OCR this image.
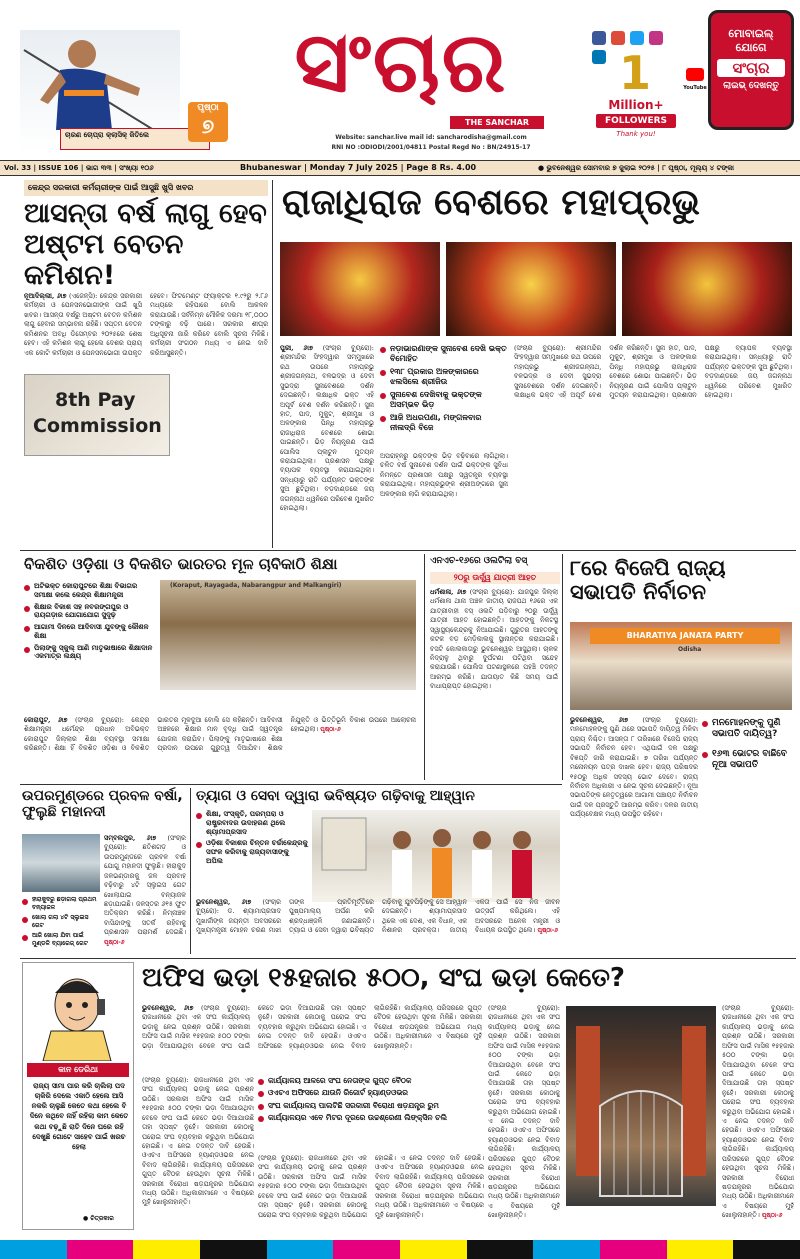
ଚାରଣ ଚୋପ୍ରା କ୍ଲାସିକ୍ ଜିତିଲେ
ପୃଷ୍ଠା
୭
ସଂଚାର
THE SANCHAR
Website: sanchar.live mail id: sanchar​odisha@gmail.com
RNI NO :ODIODI/2001/04811 Postal Regd No : BN/24915-17

1
Million+
FOLLOWERS
Thank you!
YouTube
ମୋବାଇଲ୍
ଯୋଗେ
ସଂଚାର
ଲାଇଭ୍ ଦେଖନ୍ତୁ
Vol. 33 | ISSUE 106 | ଭାଗ ୩୩ | ସଂଖ୍ୟା ୧୦୬	Bhubaneswar | Monday 7 July 2025 | Page 8 Rs. 4.00	● ଭୁବନେଶ୍ୱର ସୋମବାର ୭ ଜୁଲାଇ ୨୦୨୫ | ୮ ପୃଷ୍ଠା, ମୂଲ୍ୟ ୪ ଟଙ୍କା
କେନ୍ଦ୍ର ସରକାରୀ କର୍ମଚାରୀଙ୍କ ପାଇଁ ଆସୁଛି ଖୁସି ଖବର
ଆସନ୍ତା ବର୍ଷ ଲାଗୁ ହେବ ଅଷ୍ଟମ ବେତନ କମିଶନ!
ନୂଆଦିଲ୍ଲୀ, ୬ା୭ (ଏଜେନ୍ସି): କେନ୍ଦ୍ର ସରକାରୀ କର୍ମଚାରୀ ଓ ପେନସନଭୋଗୀଙ୍କ ପାଇଁ ଖୁସି ଖବର। ଆସନ୍ତା ବର୍ଷରୁ ଅଷ୍ଟମ ବେତନ କମିଶନ ଲାଗୁ ହେବାର ସମ୍ଭାବନା ରହିଛି। ସପ୍ତମ ବେତନ କମିଶନର ଅବଧି ଡିସେମ୍ବର ୨୦୨୫ରେ ଶେଷ ହେବ। ଏହି କମିଶନ ଲାଗୁ ହେଲେ ଦେଶର ପ୍ରାୟ ଏକ କୋଟି କର୍ମଚାରୀ ଓ ପେନସନଭୋଗୀ ଉପକୃତ ହେବେ। ଫିଟମେଣ୍ଟ ଫ୍ୟାକ୍ଟର ୧.୯୨ରୁ ୨.୮୬ ମଧ୍ୟରେ ରହିପାରେ ବୋଲି ଆକଳନ କରାଯାଉଛି। ସର୍ବନିମ୍ନ ମୌଳିକ ଦରମା ୧୮,୦୦୦ ଟଙ୍କାରୁ ବଢ଼ି ପାରେ। ସରକାର ଶୀଘ୍ର ଅଧିସୂଚନା ଜାରି କରିବେ ବୋଲି ସୂଚନା ମିଳିଛି। କର୍ମଚାରୀ ସଂଗଠନ ମଧ୍ୟ ଏ ନେଇ ଦାବି କରିଆସୁଛନ୍ତି।
8th Pay
Commission
ରାଜାଧିରାଜ ବେଶରେ ମହାପ୍ରଭୁ
ପୁରୀ, ୬ା୭ (ସଂଚାର ବ୍ୟୁରୋ): ଶ୍ରୀମନ୍ଦିର ସିଂହଦ୍ୱାର ସମ୍ମୁଖରେ ରଥ ଉପରେ ମହାପ୍ରଭୁ ଶ୍ରୀଜଗନ୍ନାଥ, ବଳଭଦ୍ର ଓ ଦେବୀ ସୁଭଦ୍ରା ସୁନାବେଶରେ ଦର୍ଶନ ଦେଇଛନ୍ତି। ଲକ୍ଷାଧିକ ଭକ୍ତ ଏହି ଅପୂର୍ବ ବେଶ ଦର୍ଶନ କରିଛନ୍ତି। ସୁନା ହାତ, ପାଦ, ମୁକୁଟ, ଶ୍ରୀମୁଖ ଓ ଅଳଙ୍କାର ପିନ୍ଧି ମହାପ୍ରଭୁ ରାଜାଧିରାଜ ବେଶରେ ଶୋଭା ପାଇଛନ୍ତି। ଭିଡ଼ ନିୟନ୍ତ୍ରଣ ପାଇଁ ପୋଲିସ ପ୍ଲାଟୁନ ମୁତୟନ କରାଯାଇଥିଲା। ପ୍ରଶାସନ ପକ୍ଷରୁ ବ୍ୟାପକ ବ୍ୟବସ୍ଥା କରାଯାଇଥିଲା। ସନ୍ଧ୍ୟାରୁ ରାତି ପର୍ଯ୍ୟନ୍ତ ଭକ୍ତଙ୍କ ସୁଅ ଛୁଟିଥିଲା। ବଡ଼ଦାଣ୍ଡରେ ଜୟ ଜଗନ୍ନାଥ ଧ୍ୱନିରେ ପରିବେଶ ମୁଖରିତ ହୋଇଥିଲା।
ନଡ଼ାଭାରଣାଙ୍କ ସୁନାବେଶ ଦେଖି ଭକ୍ତ ବିମୋହିତ
୧୩୮ ପ୍ରକାର ଅଳଙ୍କାରରେ ଝଲସିଲେ ଶ୍ରୀଜିଉ
ସୁନାବେଶ ଦେଖିବାକୁ ଭକ୍ତଙ୍କ ଅସମ୍ଭବ ଭିଡ଼
ଆଜି ଅଧରପଣା, ମଙ୍ଗଳବାର ନୀଳାଦ୍ରି ବିଜେ
ଅପରାହ୍ନରୁ ଭକ୍ତଙ୍କ ଭିଡ଼ ବଢ଼ିବାରେ ଲାଗିଥିଲା। ଚଳିତ ବର୍ଷ ସୁନାବେଶ ଦର୍ଶନ ପାଇଁ ଭକ୍ତଙ୍କ ସୁବିଧା ନିମନ୍ତେ ପ୍ରଶାସନ ପକ୍ଷରୁ ସ୍ୱତନ୍ତ୍ର ବ୍ୟବସ୍ଥା କରାଯାଇଥିଲା। ମହାପ୍ରଭୁଙ୍କ ଶ୍ରୀଅଙ୍ଗରେ ସୁନା ଅଳଙ୍କାର ଲାଗି କରାଯାଇଥିଲା।
(ସଂଚାର ବ୍ୟୁରୋ): ଶ୍ରୀମନ୍ଦିର ସିଂହଦ୍ୱାର ସମ୍ମୁଖରେ ରଥ ଉପରେ ମହାପ୍ରଭୁ ଶ୍ରୀଜଗନ୍ନାଥ, ବଳଭଦ୍ର ଓ ଦେବୀ ସୁଭଦ୍ରା ସୁନାବେଶରେ ଦର୍ଶନ ଦେଇଛନ୍ତି। ଲକ୍ଷାଧିକ ଭକ୍ତ ଏହି ଅପୂର୍ବ ବେଶ ଦର୍ଶନ କରିଛନ୍ତି। ସୁନା ହାତ, ପାଦ, ମୁକୁଟ, ଶ୍ରୀମୁଖ ଓ ଅଳଙ୍କାର ପିନ୍ଧି ମହାପ୍ରଭୁ ରାଜାଧିରାଜ ବେଶରେ ଶୋଭା ପାଇଛନ୍ତି। ଭିଡ଼ ନିୟନ୍ତ୍ରଣ ପାଇଁ ପୋଲିସ ପ୍ଲାଟୁନ ମୁତୟନ କରାଯାଇଥିଲା। ପ୍ରଶାସନ ପକ୍ଷରୁ ବ୍ୟାପକ ବ୍ୟବସ୍ଥା କରାଯାଇଥିଲା। ସନ୍ଧ୍ୟାରୁ ରାତି ପର୍ଯ୍ୟନ୍ତ ଭକ୍ତଙ୍କ ସୁଅ ଛୁଟିଥିଲା। ବଡ଼ଦାଣ୍ଡରେ ଜୟ ଜଗନ୍ନାଥ ଧ୍ୱନିରେ ପରିବେଶ ମୁଖରିତ ହୋଇଥିଲା।
ବିକଶିତ ଓଡ଼ିଶା ଓ ବିକଶିତ ଭାରତର ମୂଳ ଚାବିକାଠି ଶିକ୍ଷା
ଅଟିଭକ୍ତ କୋରାପୁଟରେ ଶିକ୍ଷା ବିଭାଗର ସମୀକ୍ଷା କଲେ କେନ୍ଦ୍ର ଶିକ୍ଷାମନ୍ତ୍ରୀ
ଶିକ୍ଷାର ବିକାଶ ସହ ନବରଙ୍ଗପୁର ଓ ରାୟଗଡ଼ାର ଯୋଗାଯୋଗ ସୁଦୃଢ଼
ଆଗାମୀ ଦିନରେ ଆଦିବାସୀ ଯୁବଙ୍କୁ କୌଶଳ ଶିକ୍ଷା
ପିଲାଙ୍କୁ ସ୍କୁଲ୍ ଆଣି ମାତୃଭାଷାରେ ଶିକ୍ଷାଦାନ ଏକମାତ୍ର ଲକ୍ଷ୍ୟ
(Koraput, Rayagada, Nabarangpur and Malkangiri)
କୋରାପୁଟ, ୬ା୭ (ସଂଚାର ବ୍ୟୁରୋ): କେନ୍ଦ୍ର ଶିକ୍ଷାମନ୍ତ୍ରୀ ଧର୍ମେନ୍ଦ୍ର ପ୍ରଧାନ ଅବିଭକ୍ତ କୋରାପୁଟ ଜିଲ୍ଲାର ଶିକ୍ଷା ବ୍ୟବସ୍ଥା ସମୀକ୍ଷା କରିଛନ୍ତି। ଶିକ୍ଷା ହିଁ ବିକଶିତ ଓଡ଼ିଶା ଓ ବିକଶିତ ଭାରତର ମୂଳଦୁଆ ବୋଲି ସେ କହିଛନ୍ତି। ଆଦିବାସୀ ଅଞ୍ଚଳରେ ଶିକ୍ଷାର ମାନ ବୃଦ୍ଧି ପାଇଁ ସ୍ୱତନ୍ତ୍ର ଯୋଜନା କରାଯିବ। ପିଲାଙ୍କୁ ମାତୃଭାଷାରେ ଶିକ୍ଷା ପ୍ରଦାନ ଉପରେ ଗୁରୁତ୍ୱ ଦିଆଯିବ। ଶିକ୍ଷକ ନିଯୁକ୍ତି ଓ ଭିତ୍ତିଭୂମି ବିକାଶ ଉପରେ ଆଲୋଚନା ହୋଇଥିଲା। ପୃଷ୍ଠା-୬
ଏନଏଚ-୧୬ରେ ଓଲଟିଲା ବସ୍
୨୦ରୁ ଊର୍ଦ୍ଧ୍ୱ ଯାତ୍ରୀ ଆହତ
ଧର୍ମଶାଳା, ୬ା୭ (ସଂଚାର ବ୍ୟୁରୋ): ଯାଜପୁର ଜିଲ୍ଲା ଧର୍ମଶାଳା ଥାନା ଅଞ୍ଚଳ ଜାତୀୟ ରାଜପଥ ୧୬ରେ ଏକ ଯାତ୍ରୀବାହୀ ବସ୍ ଓଲଟି ପଡ଼ିବାରୁ ୨୦ରୁ ଊର୍ଦ୍ଧ୍ୱ ଯାତ୍ରୀ ଆହତ ହୋଇଛନ୍ତି। ଆହତଙ୍କୁ ନିକଟସ୍ଥ ସ୍ୱାସ୍ଥ୍ୟକେନ୍ଦ୍ରକୁ ନିଆଯାଇଛି। ଗୁରୁତର ଆହତଙ୍କୁ କଟକ ବଡ଼ ମେଡ଼ିକାଲକୁ ସ୍ଥାନାନ୍ତର କରାଯାଇଛି। ବସଟି କୋଲକାତାରୁ ଭୁବନେଶ୍ୱର ଆସୁଥିଲା। ଚାଳକ ନିଦ୍ରାଳୁ ଥିବାରୁ ଦୁର୍ଘଟଣା ଘଟିଥିବା ସନ୍ଦେହ କରାଯାଉଛି। ପୋଲିସ ଘଟଣାସ୍ଥଳରେ ପହଞ୍ଚି ତଦନ୍ତ ଆରମ୍ଭ କରିଛି। ଯାତାୟାତ କିଛି ସମୟ ପାଇଁ ବାଧାପ୍ରାପ୍ତ ହୋଇଥିଲା।
୮ରେ ବିଜେପି ରାଜ୍ୟ ସଭାପତି ନିର୍ବାଚନ
BHARATIYA JANATA PARTY
Odisha
ଭୁବନେଶ୍ୱର, ୬ା୭ (ସଂଚାର ବ୍ୟୁରୋ): ମନମୋହନଙ୍କୁ ପୁଣି ଥରେ ସଭାପତି ଦାୟିତ୍ୱ ମିଳିବା ପ୍ରାୟ ନିଶ୍ଚିତ। ଆସନ୍ତା ୮ ତାରିଖରେ ବିଜେପି ରାଜ୍ୟ ସଭାପତି ନିର୍ବାଚନ ହେବ। ଏଥିପାଇଁ ଦଳ ପକ୍ଷରୁ ବିଜ୍ଞପ୍ତି ଜାରି କରାଯାଇଛି। ୭ ତାରିଖ ପର୍ଯ୍ୟନ୍ତ ମନୋନୟନ ପତ୍ର ଦାଖଲ ହେବ। ରାଜ୍ୟ ପରିଷଦର ୧୫୦ରୁ ଅଧିକ ସଦସ୍ୟ ଭୋଟ ଦେବେ। ରାଜ୍ୟ ନିର୍ବାଚନ ଅଧିକାରୀ ଏ ନେଇ ସୂଚନା ଦେଇଛନ୍ତି। ନୂଆ ସଭାପତିଙ୍କ ନେତୃତ୍ୱରେ ଆଗାମୀ ପଞ୍ଚାୟତ ନିର୍ବାଚନ ପାଇଁ ଦଳ ପ୍ରସ୍ତୁତି ଆରମ୍ଭ କରିବ। ଦଳର ଜାତୀୟ ପର୍ଯ୍ୟବେକ୍ଷକ ମଧ୍ୟ ଉପସ୍ଥିତ ରହିବେ।
ମନମୋହନଙ୍କୁ ପୁଣି ସଭାପତି ଦାୟିତ୍ୱ?
୧୬୩ ଭୋଟର ବାଛିବେ ନୂଆ ସଭାପତି
ଉପରମୁଣ୍ଡରେ ପ୍ରବଳ ବର୍ଷା, ଫୁଲୁଛି ମହାନଦୀ
ହୀରାକୁଦରୁ ଛଡ଼ାଗଲା ପ୍ରଥମ ବନ୍ୟାଜଳ
ଖୋଲା ଗଲା ୪ଟି ସ୍ଲୁଇସ ଗେଟ
ଆଜି ଖୋଲା ଯିବା ପାଇଁ ମୁଣ୍ଡଳି ବ୍ୟାରେଜ୍ ଗେଟ
ସମ୍ବଲପୁର, ୬ା୭ (ସଂଚାର ବ୍ୟୁରୋ): ଛତିଶଗଡ଼ ଓ ଉପରମୁଣ୍ଡରେ ପ୍ରବଳ ବର୍ଷା ଯୋଗୁ ମହାନଦୀ ଫୁଲୁଛି। ହୀରାକୁଦ ଜଳଭଣ୍ଡାରକୁ ଜଳ ପ୍ରବାହ ବଢ଼ିବାରୁ ୪ଟି ସ୍ଲୁଇସ ଗେଟ ଖୋଲାଯାଇ ବନ୍ୟାଜଳ ଛଡ଼ାଯାଇଛି। ଜଳସ୍ତର ୬୧୫ ଫୁଟ ଅତିକ୍ରମ କରିଛି। ନିମ୍ନାଞ୍ଚଳ ବାସିନ୍ଦାଙ୍କୁ ସତର୍କ ରହିବାକୁ ପ୍ରଶାସନ ପରାମର୍ଶ ଦେଇଛି। ପୃଷ୍ଠା-୬
ତ୍ୟାଗ ଓ ସେବା ଦ୍ୱାରା ଭବିଷ୍ୟତ ଗଢ଼ିବାକୁ ଆହ୍ୱାନ
ଶିକ୍ଷା, ସଂସ୍କୃତି, ପରମ୍ପରା ଓ ରାଷ୍ଟ୍ରବାଦର ଉଦାହରଣ ଥିଲେ ଶ୍ୟାମାପ୍ରସାଦ
ଓଡ଼ିଶା ବିକାଶର ଚିନ୍ତନ ଚର୍ଚ୍ଚାକେନ୍ଦ୍ରକୁ ସଫଳ କରିବାକୁ ରାଜ୍ୟବାସୀଙ୍କୁ ଅପିଲ
ଭୁବନେଶ୍ୱର, ୬ା୭ (ସଂଚାର ବ୍ୟୁରୋ): ଡ. ଶ୍ୟାମାପ୍ରସାଦ ମୁଖାର୍ଜୀଙ୍କ ଜୟନ୍ତୀ ଅବସରରେ ମୁଖ୍ୟମନ୍ତ୍ରୀ ମୋହନ ଚରଣ ମାଝୀ ତାଙ୍କ ପ୍ରତିମୂର୍ତ୍ତିରେ ପୁଷ୍ପମାଲ୍ୟ ଅର୍ପଣ କରି ଶ୍ରଦ୍ଧାଞ୍ଜଳି ଜଣାଇଛନ୍ତି। ତ୍ୟାଗ ଓ ସେବା ଦ୍ୱାରା ଭବିଷ୍ୟତ ଗଢ଼ିବାକୁ ଯୁବପିଢ଼ିଙ୍କୁ ସେ ଆହ୍ୱାନ ଦେଇଛନ୍ତି। ଶ୍ୟାମାପ୍ରସାଦ ଥିଲେ ଏକ ଦେଶ, ଏକ ବିଧାନ, ଏକ ନିଶାନର ପ୍ରବକ୍ତା। ଜାତୀୟ ଏକତା ପାଇଁ ସେ ନିଜ ଜୀବନ ଉତ୍ସର୍ଗ କରିଥିଲେ। ଏହି ଅବସରରେ ଅନେକ ମନ୍ତ୍ରୀ ଓ ବିଧାୟକ ଉପସ୍ଥିତ ଥିଲେ। ପୃଷ୍ଠା-୬
କାନ ଡେରିଥା
ରାଜ୍ୟ ସୀମା ପାର କରି ଚାଲିଲା ପଦ ଚାକିରି ଦେଲେ ଏକାଠି ହେଲେ ଆସି ନକରି ଚାଲୁଛି କେତେ କଥା ହେଲେ ବି ଦିନେ କଥିବେ ନାହିଁ ରହିଲା କାମ କେତେ କଥା ବଢ଼ୁଛି ରାତି ଦିନେ ଘରେ ରହି ଦେଖୁଛି ଗୋଟେ ସାହେବ ପାଇଁ ଖରଚ ହେଲା
● ଚିତ୍ରକାର
ଅଫିସ ଭଡ଼ା ୧୫ହଜାର ୫୦୦, ସଂଘ ଭଡ଼ା କେତେ?
ଭୁବନେଶ୍ୱର, ୬ା୭ (ସଂଚାର ବ୍ୟୁରୋ): ରାଜଧାନୀରେ ଥିବା ଏକ ସଂଘ କାର୍ଯ୍ୟାଳୟ ଭଡ଼ାକୁ ନେଇ ପ୍ରଶ୍ନ ଉଠିଛି। ସରକାରୀ ଅଫିସ ପାଇଁ ମାସିକ ୧୫ହଜାର ୫୦୦ ଟଙ୍କା ଭଡ଼ା ଦିଆଯାଉଥିବା ବେଳେ ସଂଘ ପାଇଁ କେତେ ଭଡ଼ା ଦିଆଯାଉଛି ତାହା ସ୍ପଷ୍ଟ ନୁହେଁ। ସରକାରୀ କୋଠାକୁ ଘରୋଇ ସଂଘ ବ୍ୟବହାର କରୁଥିବା ଅଭିଯୋଗ ହୋଇଛି। ଏ ନେଇ ତଦନ୍ତ ଦାବି ହେଉଛି। ଓଏଚଏ ଅଫିସରେ ହ୍ୟାଣ୍ଡଓଭର ନେଇ ବିବାଦ ଲାଗିରହିଛି। କାର୍ଯ୍ୟାଳୟ ପରିସରରେ ଗୁପ୍ତ ବୈଠକ ହେଉଥିବା ସୂଚନା ମିଳିଛି। ସରକାରୀ ବିରୋଧୀ ଷଡ଼ଯନ୍ତ୍ରର ଅଭିଯୋଗ ମଧ୍ୟ ଉଠିଛି। ଅଧିକାରୀମାନେ ଏ ବିଷୟରେ ମୁହଁ ଖୋଲୁନାହାନ୍ତି।
କାର୍ଯ୍ୟାଳୟ ଆଳରେ ସଂଘ ନେତାଙ୍କ ଗୁପ୍ତ ବୈଠକ
ଓଏଚଏ ଅଫିସରେ ଯାଉନି ରିଜୋର୍ଟ ହ୍ୟାଣ୍ଡଓଭର
ସଂଘ କାର୍ଯ୍ୟାଳୟ ପାଲଟିଛି ସରକାରୀ ବିରୋଧୀ ଷଡ଼ଯନ୍ତ୍ର ରୁମ
କାର୍ଯ୍ୟାଳୟର ଏବେ ମିଟର ଦୂରରେ ଉଚ୍ଚଶ୍ରେଣୀ ଲିଙ୍କ୍‌ସିନ ଚଲି
(ସଂଚାର ବ୍ୟୁରୋ): ରାଜଧାନୀରେ ଥିବା ଏକ ସଂଘ କାର୍ଯ୍ୟାଳୟ ଭଡ଼ାକୁ ନେଇ ପ୍ରଶ୍ନ ଉଠିଛି। ସରକାରୀ ଅଫିସ ପାଇଁ ମାସିକ ୧୫ହଜାର ୫୦୦ ଟଙ୍କା ଭଡ଼ା ଦିଆଯାଉଥିବା ବେଳେ ସଂଘ ପାଇଁ କେତେ ଭଡ଼ା ଦିଆଯାଉଛି ତାହା ସ୍ପଷ୍ଟ ନୁହେଁ। ସରକାରୀ କୋଠାକୁ ଘରୋଇ ସଂଘ ବ୍ୟବହାର କରୁଥିବା ଅଭିଯୋଗ ହୋଇଛି। ଏ ନେଇ ତଦନ୍ତ ଦାବି ହେଉଛି। ଓଏଚଏ ଅଫିସରେ ହ୍ୟାଣ୍ଡଓଭର ନେଇ ବିବାଦ ଲାଗିରହିଛି। କାର୍ଯ୍ୟାଳୟ ପରିସରରେ ଗୁପ୍ତ ବୈଠକ ହେଉଥିବା ସୂଚନା ମିଳିଛି। ସରକାରୀ ବିରୋଧୀ ଷଡ଼ଯନ୍ତ୍ରର ଅଭିଯୋଗ ମଧ୍ୟ ଉଠିଛି। ଅଧିକାରୀମାନେ ଏ ବିଷୟରେ ମୁହଁ ଖୋଲୁନାହାନ୍ତି।
(ସଂଚାର ବ୍ୟୁରୋ): ରାଜଧାନୀରେ ଥିବା ଏକ ସଂଘ କାର୍ଯ୍ୟାଳୟ ଭଡ଼ାକୁ ନେଇ ପ୍ରଶ୍ନ ଉଠିଛି। ସରକାରୀ ଅଫିସ ପାଇଁ ମାସିକ ୧୫ହଜାର ୫୦୦ ଟଙ୍କା ଭଡ଼ା ଦିଆଯାଉଥିବା ବେଳେ ସଂଘ ପାଇଁ କେତେ ଭଡ଼ା ଦିଆଯାଉଛି ତାହା ସ୍ପଷ୍ଟ ନୁହେଁ। ସରକାରୀ କୋଠାକୁ ଘରୋଇ ସଂଘ ବ୍ୟବହାର କରୁଥିବା ଅଭିଯୋଗ ହୋଇଛି। ଏ ନେଇ ତଦନ୍ତ ଦାବି ହେଉଛି। ଓଏଚଏ ଅଫିସରେ ହ୍ୟାଣ୍ଡଓଭର ନେଇ ବିବାଦ ଲାଗିରହିଛି। କାର୍ଯ୍ୟାଳୟ ପରିସରରେ ଗୁପ୍ତ ବୈଠକ ହେଉଥିବା ସୂଚନା ମିଳିଛି। ସରକାରୀ ବିରୋଧୀ ଷଡ଼ଯନ୍ତ୍ରର ଅଭିଯୋଗ ମଧ୍ୟ ଉଠିଛି। ଅଧିକାରୀମାନେ ଏ ବିଷୟରେ ମୁହଁ ଖୋଲୁନାହାନ୍ତି।
(ସଂଚାର ବ୍ୟୁରୋ): ରାଜଧାନୀରେ ଥିବା ଏକ ସଂଘ କାର୍ଯ୍ୟାଳୟ ଭଡ଼ାକୁ ନେଇ ପ୍ରଶ୍ନ ଉଠିଛି। ସରକାରୀ ଅଫିସ ପାଇଁ ମାସିକ ୧୫ହଜାର ୫୦୦ ଟଙ୍କା ଭଡ଼ା ଦିଆଯାଉଥିବା ବେଳେ ସଂଘ ପାଇଁ କେତେ ଭଡ଼ା ଦିଆଯାଉଛି ତାହା ସ୍ପଷ୍ଟ ନୁହେଁ। ସରକାରୀ କୋଠାକୁ ଘରୋଇ ସଂଘ ବ୍ୟବହାର କରୁଥିବା ଅଭିଯୋଗ ହୋଇଛି। ଏ ନେଇ ତଦନ୍ତ ଦାବି ହେଉଛି। ଓଏଚଏ ଅଫିସରେ ହ୍ୟାଣ୍ଡଓଭର ନେଇ ବିବାଦ ଲାଗିରହିଛି। କାର୍ଯ୍ୟାଳୟ ପରିସରରେ ଗୁପ୍ତ ବୈଠକ ହେଉଥିବା ସୂଚନା ମିଳିଛି। ସରକାରୀ ବିରୋଧୀ ଷଡ଼ଯନ୍ତ୍ରର ଅଭିଯୋଗ ମଧ୍ୟ ଉଠିଛି। ଅଧିକାରୀମାନେ ଏ ବିଷୟରେ ମୁହଁ ଖୋଲୁନାହାନ୍ତି।
(ସଂଚାର ବ୍ୟୁରୋ): ରାଜଧାନୀରେ ଥିବା ଏକ ସଂଘ କାର୍ଯ୍ୟାଳୟ ଭଡ଼ାକୁ ନେଇ ପ୍ରଶ୍ନ ଉଠିଛି। ସରକାରୀ ଅଫିସ ପାଇଁ ମାସିକ ୧୫ହଜାର ୫୦୦ ଟଙ୍କା ଭଡ଼ା ଦିଆଯାଉଥିବା ବେଳେ ସଂଘ ପାଇଁ କେତେ ଭଡ଼ା ଦିଆଯାଉଛି ତାହା ସ୍ପଷ୍ଟ ନୁହେଁ। ସରକାରୀ କୋଠାକୁ ଘରୋଇ ସଂଘ ବ୍ୟବହାର କରୁଥିବା ଅଭିଯୋଗ ହୋଇଛି। ଏ ନେଇ ତଦନ୍ତ ଦାବି ହେଉଛି। ଓଏଚଏ ଅଫିସରେ ହ୍ୟାଣ୍ଡଓଭର ନେଇ ବିବାଦ ଲାଗିରହିଛି। କାର୍ଯ୍ୟାଳୟ ପରିସରରେ ଗୁପ୍ତ ବୈଠକ ହେଉଥିବା ସୂଚନା ମିଳିଛି। ସରକାରୀ ବିରୋଧୀ ଷଡ଼ଯନ୍ତ୍ରର ଅଭିଯୋଗ ମଧ୍ୟ ଉଠିଛି। ଅଧିକାରୀମାନେ ଏ ବିଷୟରେ ମୁହଁ ଖୋଲୁନାହାନ୍ତି। ପୃଷ୍ଠା-୬
